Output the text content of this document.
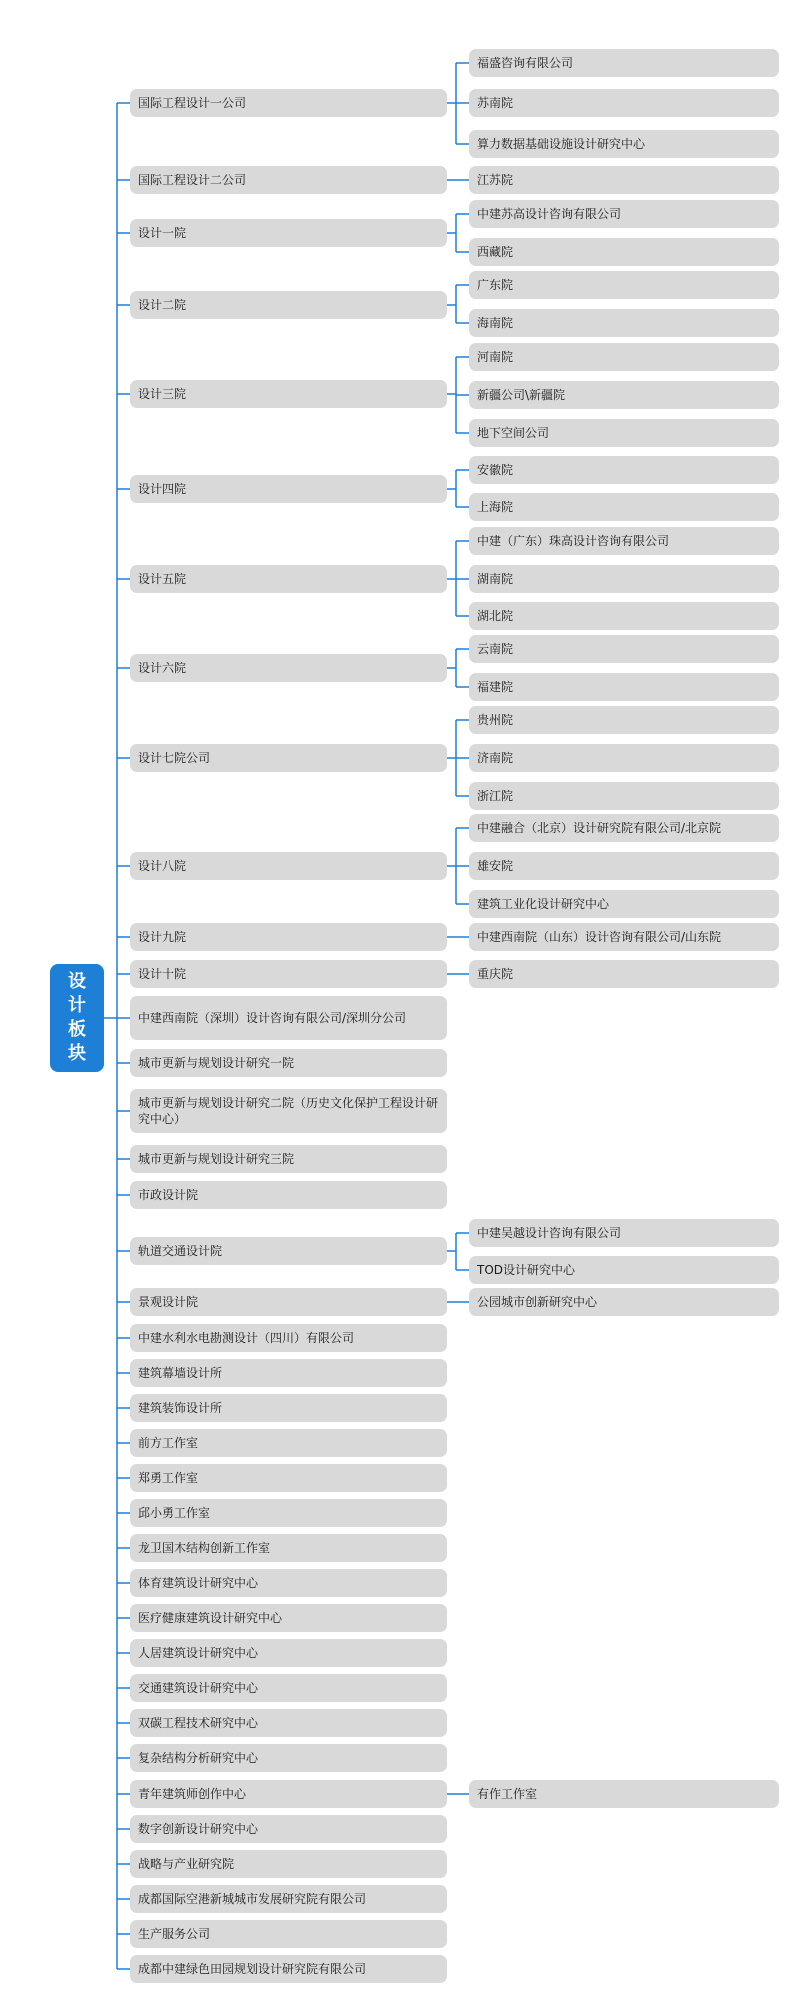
设计
板块
国际工程设计一公司
福盛咨询有限公司
苏南院
算力数据基础设施设计研究中心
国际工程设计二公司	江苏院
设计一院
中建苏高设计咨询有限公司
西藏院
设计二院
广东院
海南院
设计三院
河南院
新疆公司\新疆院
地下空间公司
设计四院
安徽院
上海院
设计五院
中建（广东）珠高设计咨询有限公司
湖南院
湖北院
设计六院
云南院
福建院
设计七院公司
贵州院
济南院
浙江院
设计八院
中建融合（北京）设计研究院有限公司/北京院
雄安院
建筑工业化设计研究中心
设计九院	中建西南院（山东）设计咨询有限公司/山东院
设计十院	重庆院
中建西南院（深圳）设计咨询有限公司/深圳分公司
城市更新与规划设计研究一院
城市更新与规划设计研究二院（历史文化保护工程设计研究中心）
城市更新与规划设计研究三院
市政设计院
轨道交通设计院
中建吴越设计咨询有限公司
TOD设计研究中心
景观设计院	公园城市创新研究中心
中建水利水电勘测设计（四川）有限公司
建筑幕墙设计所
建筑装饰设计所
前方工作室
郑勇工作室
邱小勇工作室
龙卫国木结构创新工作室
体育建筑设计研究中心
医疗健康建筑设计研究中心
人居建筑设计研究中心
交通建筑设计研究中心
双碳工程技术研究中心
复杂结构分析研究中心
青年建筑师创作中心	有作工作室
数字创新设计研究中心
战略与产业研究院
成都国际空港新城城市发展研究院有限公司
生产服务公司
成都中建绿色田园规划设计研究院有限公司
